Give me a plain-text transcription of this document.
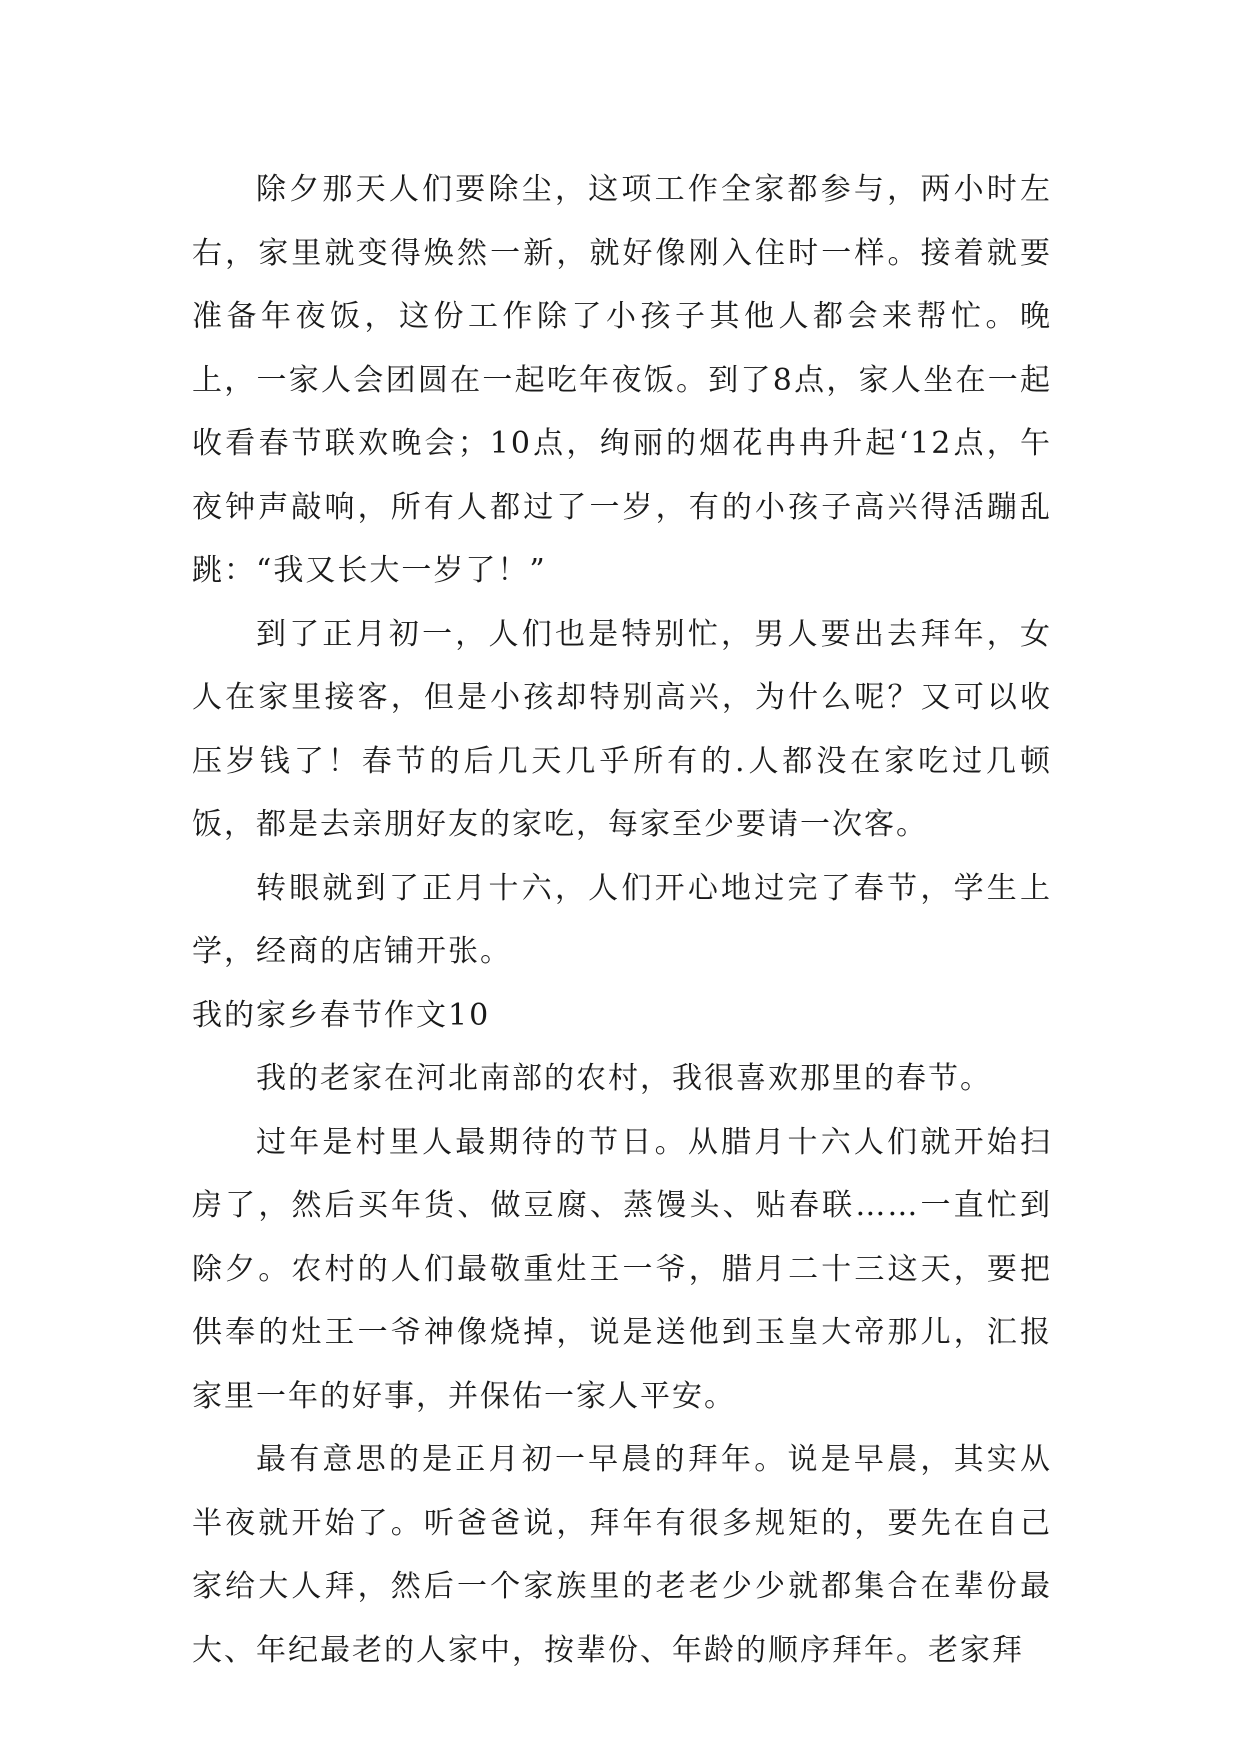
除夕那天人们要除尘，这项工作全家都参与，两小时左右，家里就变得焕然一新，就好像刚入住时一样。接着就要准备年夜饭，这份工作除了小孩子其他人都会来帮忙。晚上，一家人会团圆在一起吃年夜饭。到了8点，家人坐在一起收看春节联欢晚会；10点，绚丽的烟花冉冉升起‘12点，午夜钟声敲响，所有人都过了一岁，有的小孩子高兴得活蹦乱跳：“我又长大一岁了！”

到了正月初一，人们也是特别忙，男人要出去拜年，女人在家里接客，但是小孩却特别高兴，为什么呢？又可以收压岁钱了！春节的后几天几乎所有的.人都没在家吃过几顿饭，都是去亲朋好友的家吃，每家至少要请一次客。

转眼就到了正月十六，人们开心地过完了春节，学生上学，经商的店铺开张。

我的家乡春节作文10

我的老家在河北南部的农村，我很喜欢那里的春节。

过年是村里人最期待的节日。从腊月十六人们就开始扫房了，然后买年货、做豆腐、蒸馒头、贴春联……一直忙到除夕。农村的人们最敬重灶王一爷，腊月二十三这天，要把供奉的灶王一爷神像烧掉，说是送他到玉皇大帝那儿，汇报家里一年的好事，并保佑一家人平安。

最有意思的是正月初一早晨的拜年。说是早晨，其实从半夜就开始了。听爸爸说，拜年有很多规矩的，要先在自己家给大人拜，然后一个家族里的老老少少就都集合在辈份最大、年纪最老的人家中，按辈份、年龄的顺序拜年。老家拜
